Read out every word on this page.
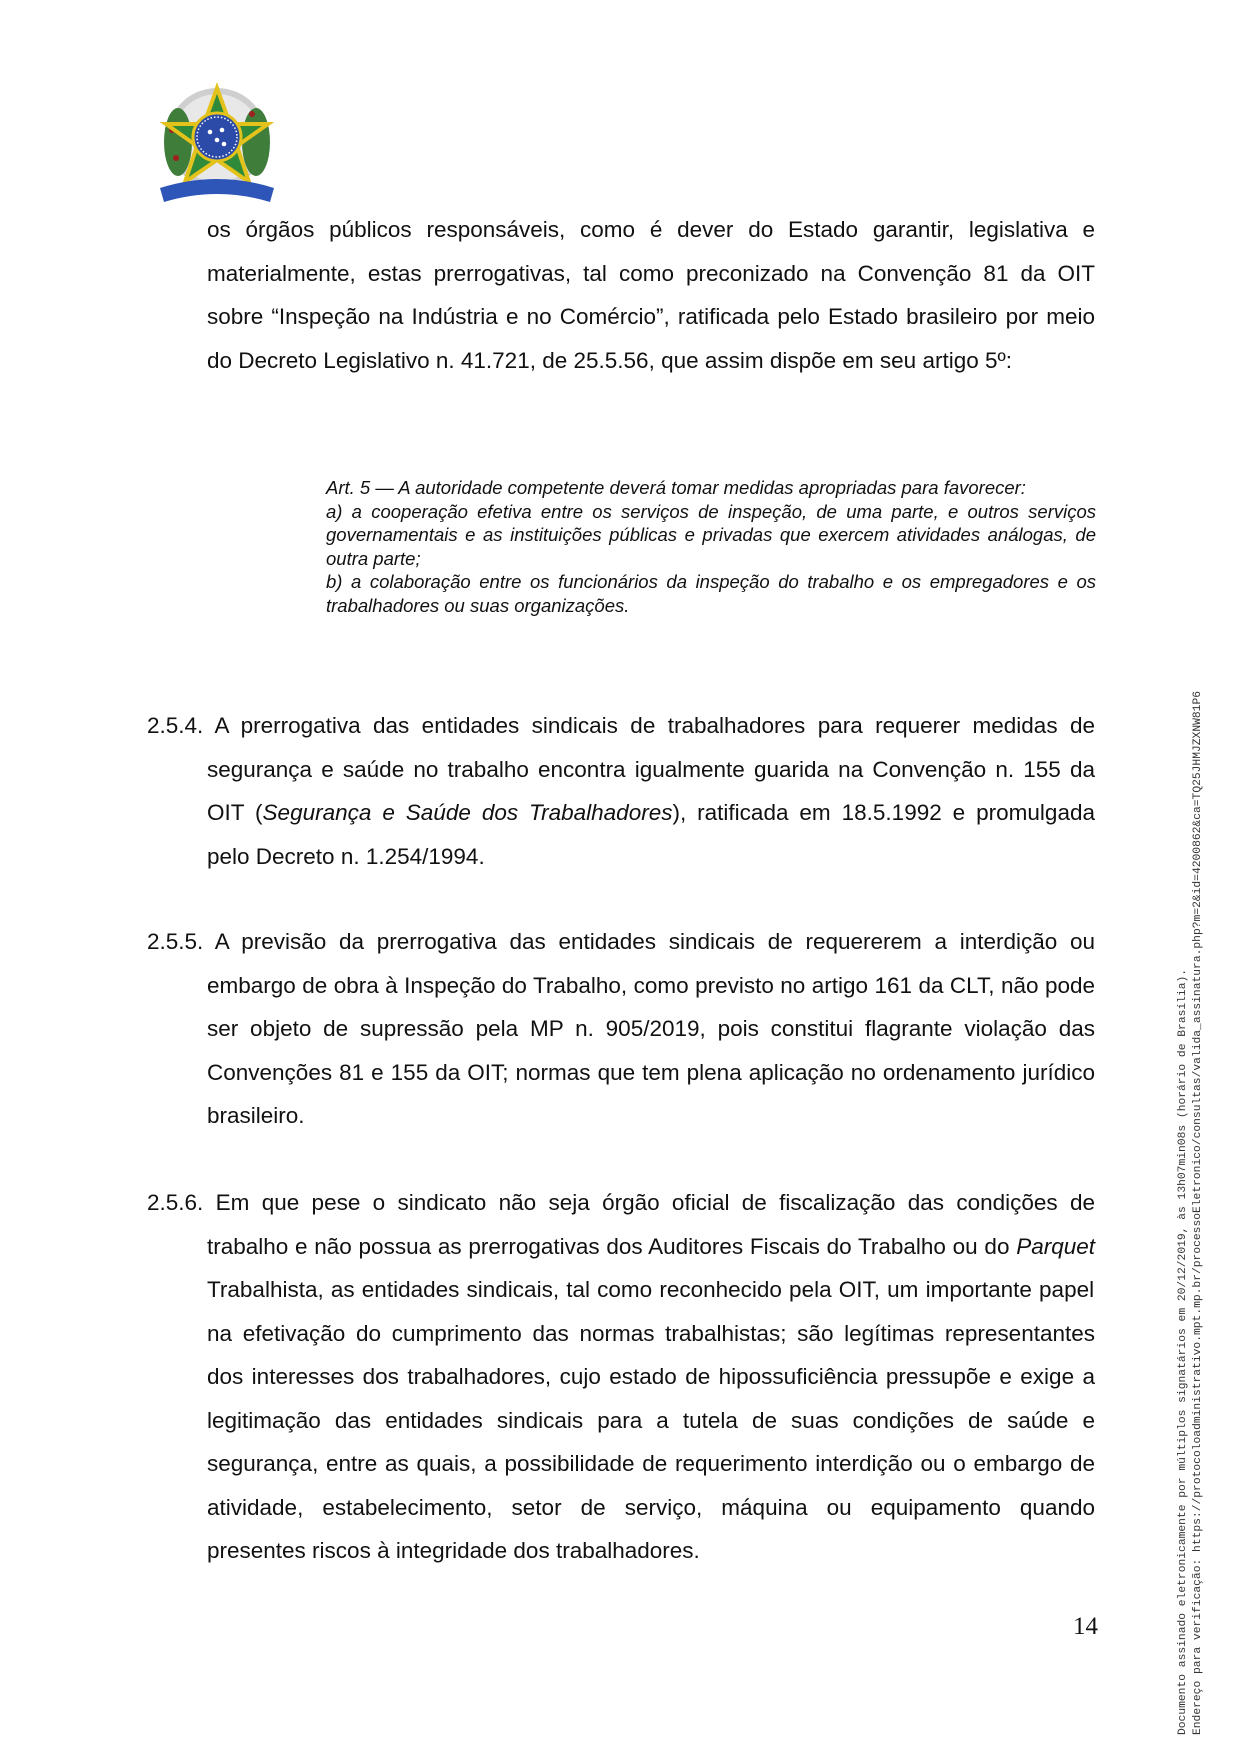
os órgãos públicos responsáveis, como é dever do Estado garantir, legislativa e materialmente, estas prerrogativas, tal como preconizado na Convenção 81 da OIT sobre “Inspeção na Indústria e no Comércio”, ratificada pelo Estado brasileiro por meio do Decreto Legislativo n. 41.721, de 25.5.56, que assim dispõe em seu artigo 5º:
Art. 5 — A autoridade competente deverá tomar medidas apropriadas para favorecer:
a) a cooperação efetiva entre os serviços de inspeção, de uma parte, e outros serviços governamentais e as instituições públicas e privadas que exercem atividades análogas, de outra parte;
b) a colaboração entre os funcionários da inspeção do trabalho e os empregadores e os trabalhadores ou suas organizações.
2.5.4. A prerrogativa das entidades sindicais de trabalhadores para requerer medidas de segurança e saúde no trabalho encontra igualmente guarida na Convenção n. 155 da OIT (Segurança e Saúde dos Trabalhadores), ratificada em 18.5.1992 e promulgada pelo Decreto n. 1.254/1994.
2.5.5. A previsão da prerrogativa das entidades sindicais de requererem a interdição ou embargo de obra à Inspeção do Trabalho, como previsto no artigo 161 da CLT, não pode ser objeto de supressão pela MP n. 905/2019, pois constitui flagrante violação das Convenções 81 e 155 da OIT; normas que tem plena aplicação no ordenamento jurídico brasileiro.
2.5.6. Em que pese o sindicato não seja órgão oficial de fiscalização das condições de trabalho e não possua as prerrogativas dos Auditores Fiscais do Trabalho ou do Parquet Trabalhista, as entidades sindicais, tal como reconhecido pela OIT, um importante papel na efetivação do cumprimento das normas trabalhistas; são legítimas representantes dos interesses dos trabalhadores, cujo estado de hipossuficiência pressupõe e exige a legitimação das entidades sindicais para a tutela de suas condições de saúde e segurança, entre as quais, a possibilidade de requerimento interdição ou o embargo de atividade, estabelecimento, setor de serviço, máquina ou equipamento quando presentes riscos à integridade dos trabalhadores.
14	Documento assinado eletronicamente por múltiplos signatários em 20/12/2019, às 13h07min08s (horário de Brasília). Endereço para verificação: https://protocoloadministrativo.mpt.mp.br/processoEletronico/consultas/valida_assinatura.php?m=2&id=4200862&ca=TQ25JHMJZXNW81P6
